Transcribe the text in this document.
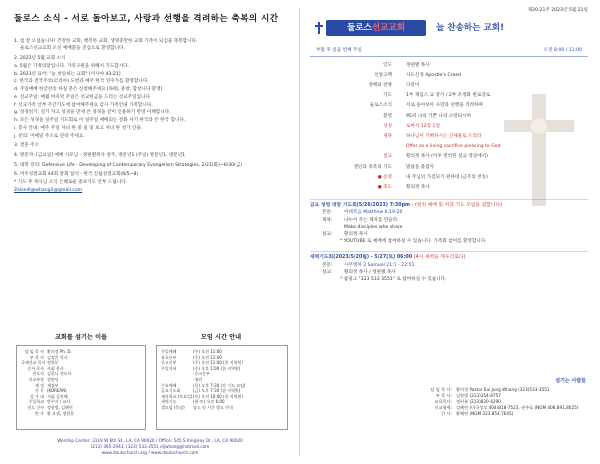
둘로스 소식 - 서로 돌아보고, 사랑과 선행을 격려하는 축복의 시간

1. 첨 잘 오셨습니다! 건강한 교회, 행복한 교회, 생명충만한 교회 가족이 되심을 축복합니다.

둘로스선교교회 오신 예배환을 진심으로 환영합니다.

2. 2023년 5월 교회 소식

a. 5월은 가정의달입니다. 가족구원을 위해서 기도합시다.

b. 2023년 표어: "늘 찬송하는 교회" [이사야 43:21]

c. 한국과 전국주코(코리아) 도번과 매주 한국 연수가를 환영합니다.

d. 주일예배 한글찬송 하실 분은 신청해주세요 [독唱, 중창, 합창니다 환영].

e. 선교주일: 매월 마지막 주일은 선교헌금을 드리는 선교주일입니다.

f. 선교가족 안부 주간기도에 참여해주세요 감사 가족안내 가족합니다.

g. 성경읽기: 일기 자고 성경을 만세 쓴 성경을 같이 인용하기 반영 이해합니다.

h. 모든 성경을 일주일 기도회로 이 일주일 예배되는 전화 자기 한국과 쓴 한국 합니다.

i. 봉사 안내: 매주 주일 자녀 한 중 일 및 보고 자녀 한 성가 인용.

j. 문의: 이메일 주소로 연락 주세요.

3. 결혼 주소

4. 방문자: [금요일] 예배 사모님 - 정편별목사 청주, 방문년1 (주일) 방문년1, 방문년1

5. 대학 강의: Defensive Life - Developing of Contemporary Evangelism Strategies, 2/21(화)~6/30(금)

6. 미주성결교회 44회 총회 참석 - 한국 신립성결교회(6/5~8)

* 기도 후 목사님 소식 은혜로운 중보기도 안부 드립니다.

Zelsei6@whang2@gmail.com

교회를 섬기는 이들
담 임 목 사 황의정 Ph. D.
부 목 사 김정은 목사
국제선교 목사 정원분
순서 목사 사회 목사
전도사 김한나 전도사
선교부장 정원년
재 정 재정부
사 무 (KOREAN)
성 가 대 지휘 김진혜
주일학교 반주자 / 교사
전도 간사 정한별, 김혜린
반 주 황 요셉, 정원분
모임 시간 안내
주일예배	(주) 오전 11:00
유초등부	(주) 오전 11:00
중고등부	(주) 오전 11:00 (한 지역원)
주일저녁	(주) 오후 1:00 (한 지역원)
-중고등부
-청년
수요예배	(목) 오후 7:30 (각 기도 모임)
금요기도회	(금) 오후 7:30 (한 지역원)
제자학교 (토요일) (토) 오전 10:00 (한 지역원)
새벽기도	(월-토) 오전 6:00
셀모임 (목장)	장소 및 시간 별도 안내
Worship Center: 3119 W 6th St., LA, CA 90020 / Office: 545 S Kingsley Dr., LA, CA 90020
(213) 365-2943, (323) 533-3551 eljwhang@hotmail.com
www.doulochurch.org / www.doulochurch.com
제20-21주 2023년 5월 21일
둘로스선교교회	늘 찬송하는 교회!
부활 후 일곱 번째 주일	오전 8:00 / 11:00
인도	정편별 목사
신앙고백	사도신경 Apostle's Creed
경배와 찬양	다같이
기도	1부 제임스 교 장사 / 2부 조정화 원로장로
둘로스소식	서로 돌아보아 사랑과 선행을 격려하며
환영	95퍼 나의 기쁜 나의 소망되시며
성경	로마서 12장 1절
제목	하나님이 기뻐하시는 산제물로 드리라
Offer as a living sacrifice pleasing to God
설교	황의정 목사 (이후 번역된 설교 영상에서)
결단과 축복의 기도	말씀을 붙잡자
● 송영	내 주님의 가짐되기 원하네 (금주의 찬송)
● 축도	황의정 목사
금요 성령 대망 기도회(5/26/2023) 7:30pm - (워킹 예배 및 저녁 기도 모임을 겸합니다)
본문:	마태복음 Matthew 6:19-20
제목:	나누어 주는 제자를 만들라
Make disciples who share
설교:	황의정 목사
* YOUTUBE 로 예배에 참여하실 수 있습니다. 가족회 참여를 환영합니다.
새벽기도회(2023/5/20월) - 5/27(토) 06:00 (4시 새벽을 깨우리로다)
본문:	사무엘하 2 Samuel 21:1 - 22:51
설교:	황의정 목사 / 정편별 목사
* 줌링크 "323 533 3551" 로 참여하실 수 있습니다.
섬기는 사람들
담 임 목 사: 황의정 Pastor Eui Jung Whang (323)533-3551
부 목 사: 김한별 (213)354-8757
교육목사: 정편분 (213)820-4290
선교협력: 김혜린 (미국성모 404)818-7523, 권주호 (NGM 408,891,8025)
간 사: 황혜련 (NGM 323.854.7645)
